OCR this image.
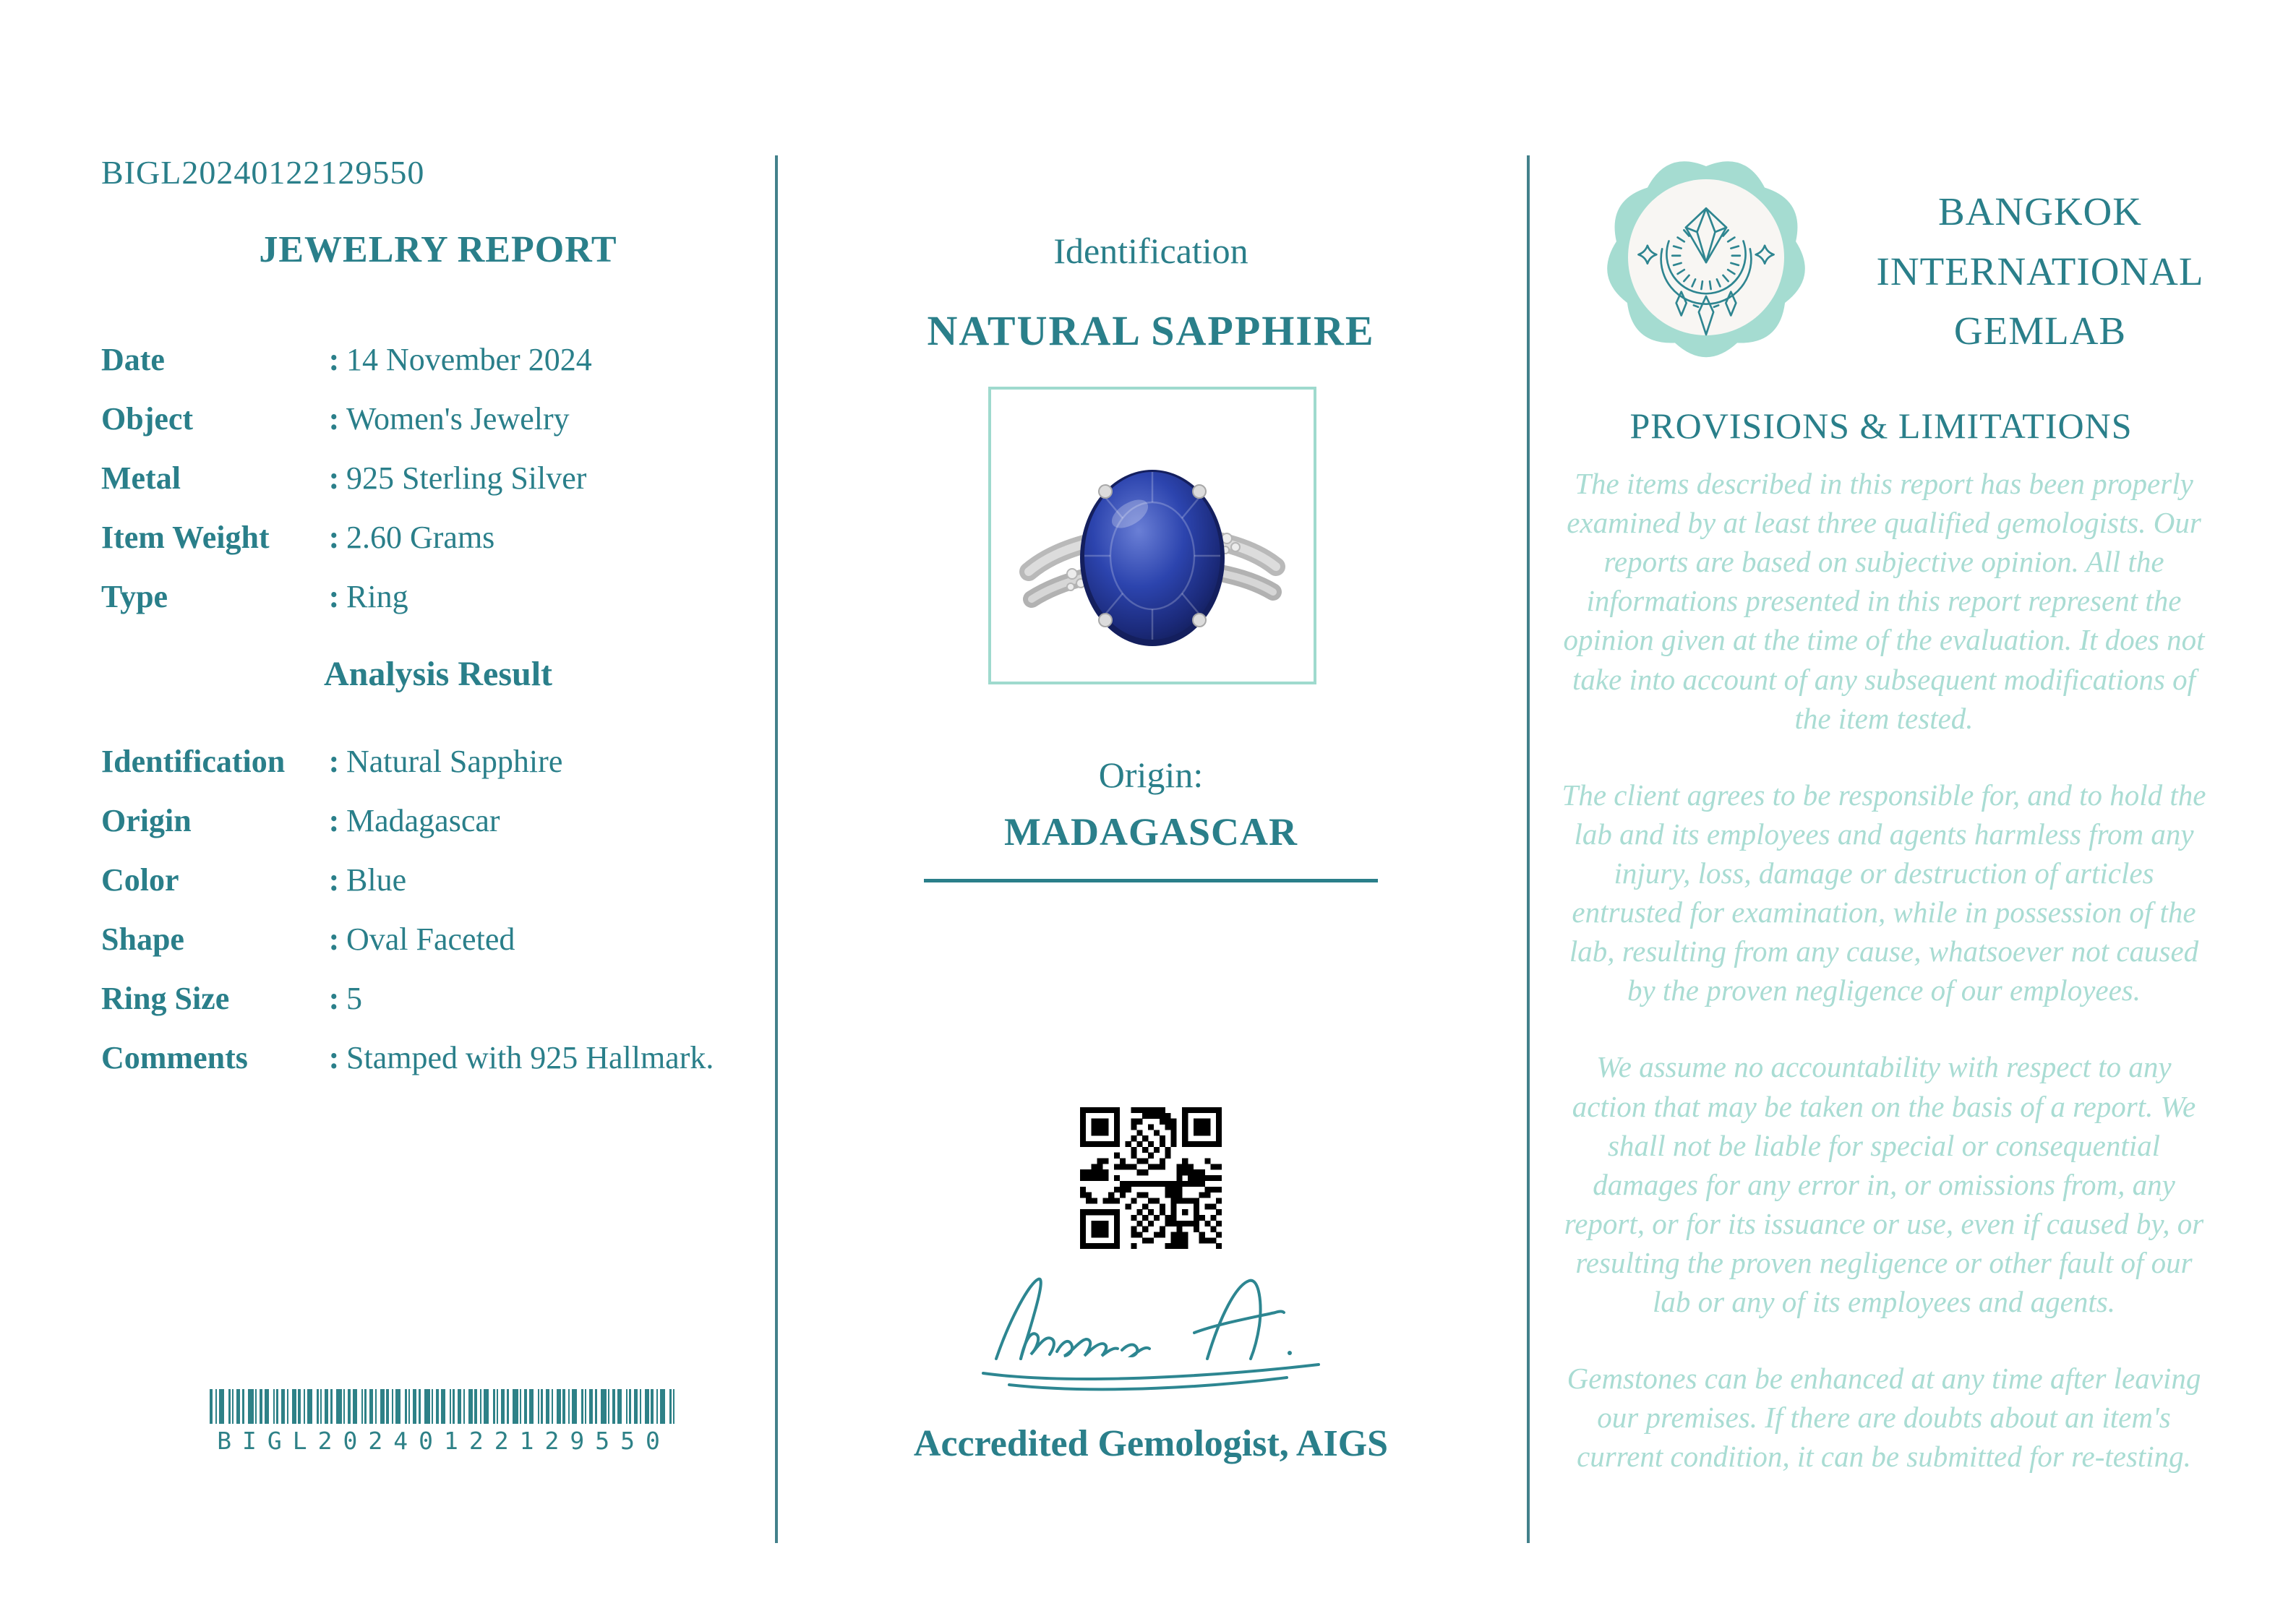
BIGL20240122129550
JEWELRY REPORT
Date	: 14 November 2024
Object	: Women's Jewelry
Metal	: 925 Sterling Silver
Item Weight	: 2.60 Grams
Type	: Ring
Analysis Result
Identification	: Natural Sapphire
Origin	: Madagascar
Color	: Blue
Shape	: Oval Faceted
Ring Size	: 5
Comments	: Stamped with 925 Hallmark.
BIGL20240122129550
Identification
NATURAL SAPPHIRE
Origin:
MADAGASCAR
Accredited Gemologist, AIGS
BANGKOK INTERNATIONAL GEMLAB
PROVISIONS & LIMITATIONS

The items described in this report has been properly examined by at least three qualified gemologists. Our reports are based on subjective opinion. All the informations presented in this report represent the opinion given at the time of the evaluation. It does not take into account of any subsequent modifications of the item tested.

The client agrees to be responsible for, and to hold the lab and its employees and agents harmless from any injury, loss, damage or destruction of articles entrusted for examination, while in possession of the lab, resulting from any cause, whatsoever not caused by the proven negligence of our employees.

We assume no accountability with respect to any action that may be taken on the basis of a report. We shall not be liable for special or consequential damages for any error in, or omissions from, any report, or for its issuance or use, even if caused by, or resulting the proven negligence or other fault of our lab or any of its employees and agents.

Gemstones can be enhanced at any time after leaving our premises. If there are doubts about an item's current condition, it can be submitted for re-testing.
